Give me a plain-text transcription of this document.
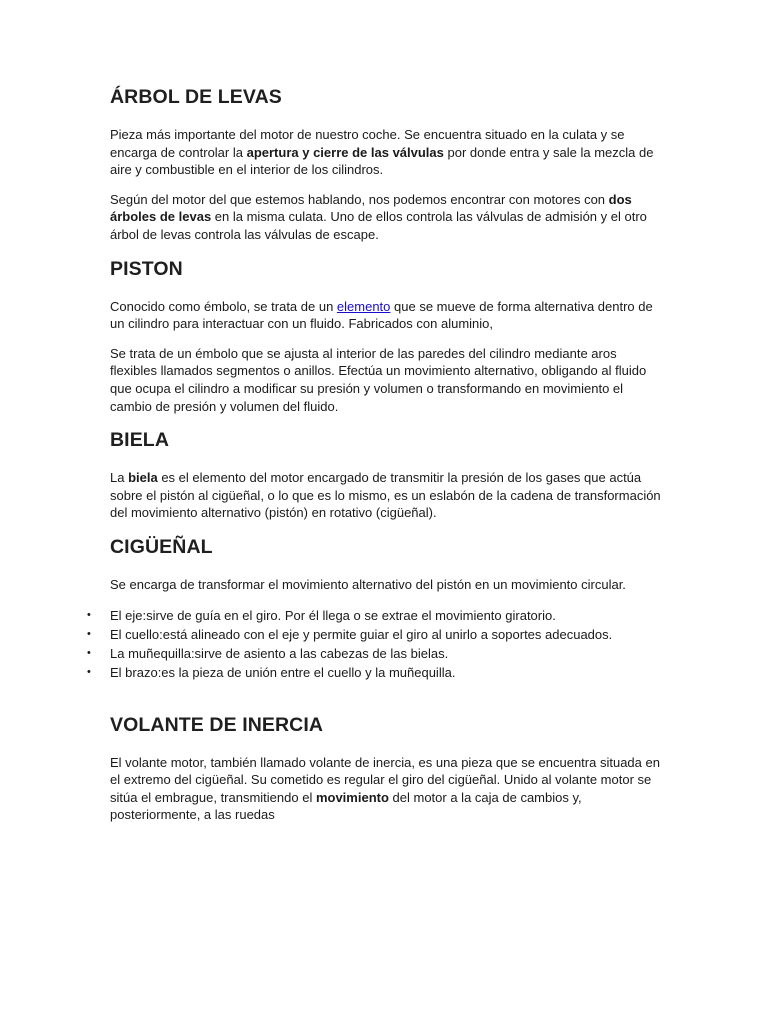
ÁRBOL DE LEVAS

Pieza más importante del motor de nuestro coche. Se encuentra situado en la culata y se encarga de controlar la apertura y cierre de las válvulas por donde entra y sale la mezcla de aire y combustible en el interior de los cilindros.

Según del motor del que estemos hablando, nos podemos encontrar con motores con dos árboles de levas en la misma culata. Uno de ellos controla las válvulas de admisión y el otro árbol de levas controla las válvulas de escape.

PISTON

Conocido como émbolo, se trata de un elemento que se mueve de forma alternativa dentro de un cilindro para interactuar con un fluido. Fabricados con aluminio,

Se trata de un émbolo que se ajusta al interior de las paredes del cilindro mediante aros flexibles llamados segmentos o anillos. Efectúa un movimiento alternativo, obligando al fluido que ocupa el cilindro a modificar su presión y volumen o transformando en movimiento el cambio de presión y volumen del fluido.

BIELA

La biela es el elemento del motor encargado de transmitir la presión de los gases que actúa sobre el pistón al cigüeñal, o lo que es lo mismo, es un eslabón de la cadena de transformación del movimiento alternativo (pistón) en rotativo (cigüeñal).

CIGÜEÑAL

Se encarga de transformar el movimiento alternativo del pistón en un movimiento circular.

• El eje:sirve de guía en el giro. Por él llega o se extrae el movimiento giratorio.
• El cuello:está alineado con el eje y permite guiar el giro al unirlo a soportes adecuados.
• La muñequilla:sirve de asiento a las cabezas de las bielas.
• El brazo:es la pieza de unión entre el cuello y la muñequilla.
VOLANTE DE INERCIA

El volante motor, también llamado volante de inercia, es una pieza que se encuentra situada en el extremo del cigüeñal. Su cometido es regular el giro del cigüeñal. Unido al volante motor se sitúa el embrague, transmitiendo el movimiento del motor a la caja de cambios y, posteriormente, a las ruedas
